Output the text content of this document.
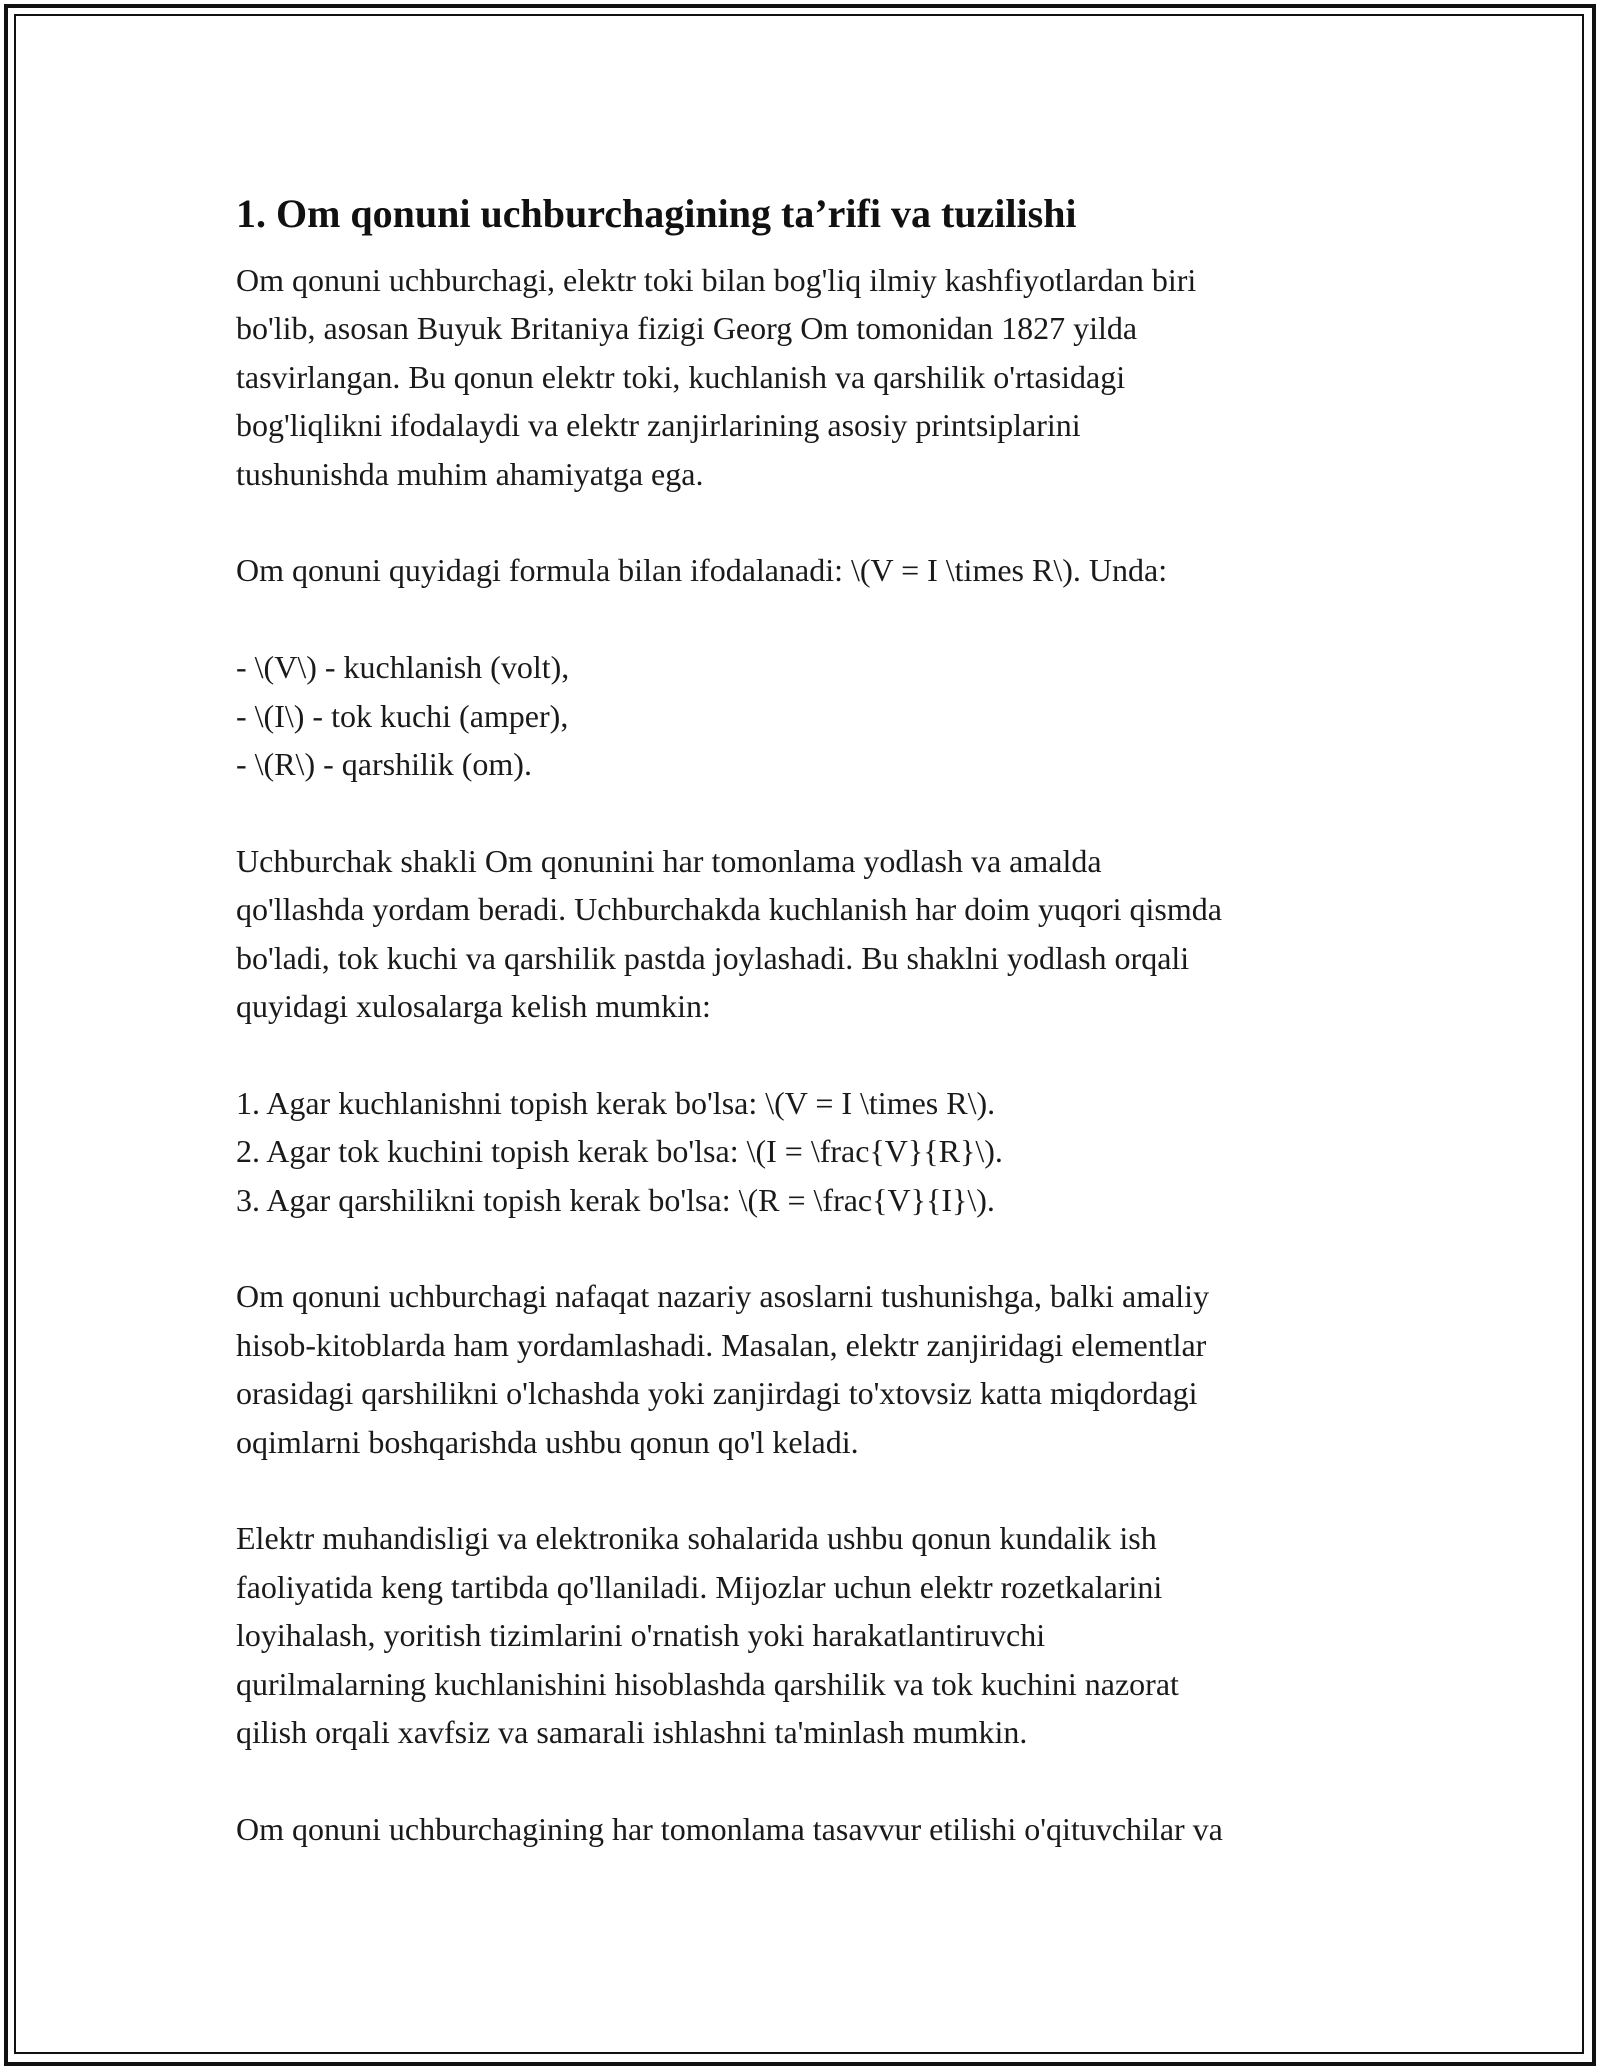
1. Om qonuni uchburchagining ta’rifi va tuzilishi

Om qonuni uchburchagi, elektr toki bilan bog'liq ilmiy kashfiyotlardan biri
bo'lib, asosan Buyuk Britaniya fizigi Georg Om tomonidan 1827 yilda
tasvirlangan. Bu qonun elektr toki, kuchlanish va qarshilik o'rtasidagi
bog'liqlikni ifodalaydi va elektr zanjirlarining asosiy printsiplarini
tushunishda muhim ahamiyatga ega.

Om qonuni quyidagi formula bilan ifodalanadi: \(V = I \times R\). Unda:

- \(V\) - kuchlanish (volt),
- \(I\) - tok kuchi (amper),
- \(R\) - qarshilik (om).

Uchburchak shakli Om qonunini har tomonlama yodlash va amalda
qo'llashda yordam beradi. Uchburchakda kuchlanish har doim yuqori qismda
bo'ladi, tok kuchi va qarshilik pastda joylashadi. Bu shaklni yodlash orqali
quyidagi xulosalarga kelish mumkin:

1. Agar kuchlanishni topish kerak bo'lsa: \(V = I \times R\).
2. Agar tok kuchini topish kerak bo'lsa: \(I = \frac{V}{R}\).
3. Agar qarshilikni topish kerak bo'lsa: \(R = \frac{V}{I}\).

Om qonuni uchburchagi nafaqat nazariy asoslarni tushunishga, balki amaliy
hisob-kitoblarda ham yordamlashadi. Masalan, elektr zanjiridagi elementlar
orasidagi qarshilikni o'lchashda yoki zanjirdagi to'xtovsiz katta miqdordagi
oqimlarni boshqarishda ushbu qonun qo'l keladi.

Elektr muhandisligi va elektronika sohalarida ushbu qonun kundalik ish
faoliyatida keng tartibda qo'llaniladi. Mijozlar uchun elektr rozetkalarini
loyihalash, yoritish tizimlarini o'rnatish yoki harakatlantiruvchi
qurilmalarning kuchlanishini hisoblashda qarshilik va tok kuchini nazorat
qilish orqali xavfsiz va samarali ishlashni ta'minlash mumkin.

Om qonuni uchburchagining har tomonlama tasavvur etilishi o'qituvchilar va
